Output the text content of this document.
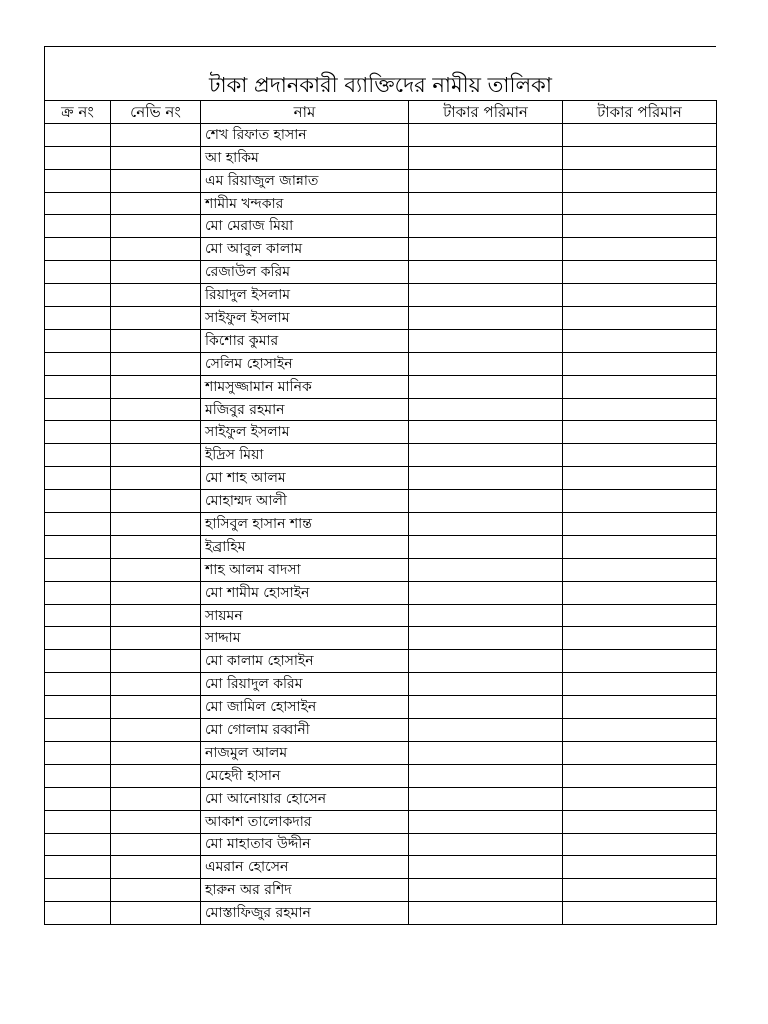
টাকা প্রদানকারী ব্যাক্তিদের নামীয় তালিকা
ক্র নং	নেভি নং	নাম	টাকার পরিমান	টাকার পরিমান
		শেখ রিফাত হাসান		
		আ হাকিম		
		এম রিয়াজুল জান্নাত		
		শামীম খন্দকার		
		মো মেরাজ মিয়া		
		মো আবুল কালাম		
		রেজাউল করিম		
		রিয়াদুল ইসলাম		
		সাইফুল ইসলাম		
		কিশোর কুমার		
		সেলিম হোসাইন		
		শামসুজ্জামান মানিক		
		মজিবুর রহমান		
		সাইফুল ইসলাম		
		ইদ্রিস মিয়া		
		মো শাহ আলম		
		মোহাম্মদ আলী		
		হাসিবুল হাসান শান্ত		
		ইব্রাহিম		
		শাহ আলম বাদসা		
		মো শামীম হোসাইন		
		সায়মন		
		সাদ্দাম		
		মো কালাম হোসাইন		
		মো রিয়াদুল করিম		
		মো জামিল হোসাইন		
		মো গোলাম রব্বানী		
		নাজমুল আলম		
		মেহেদী হাসান		
		মো আনোয়ার হোসেন		
		আকাশ তালোকদার		
		মো মাহাতাব উদ্দীন		
		এমরান হোসেন		
		হারুন অর রশিদ		
		মোস্তাফিজুর রহমান		
